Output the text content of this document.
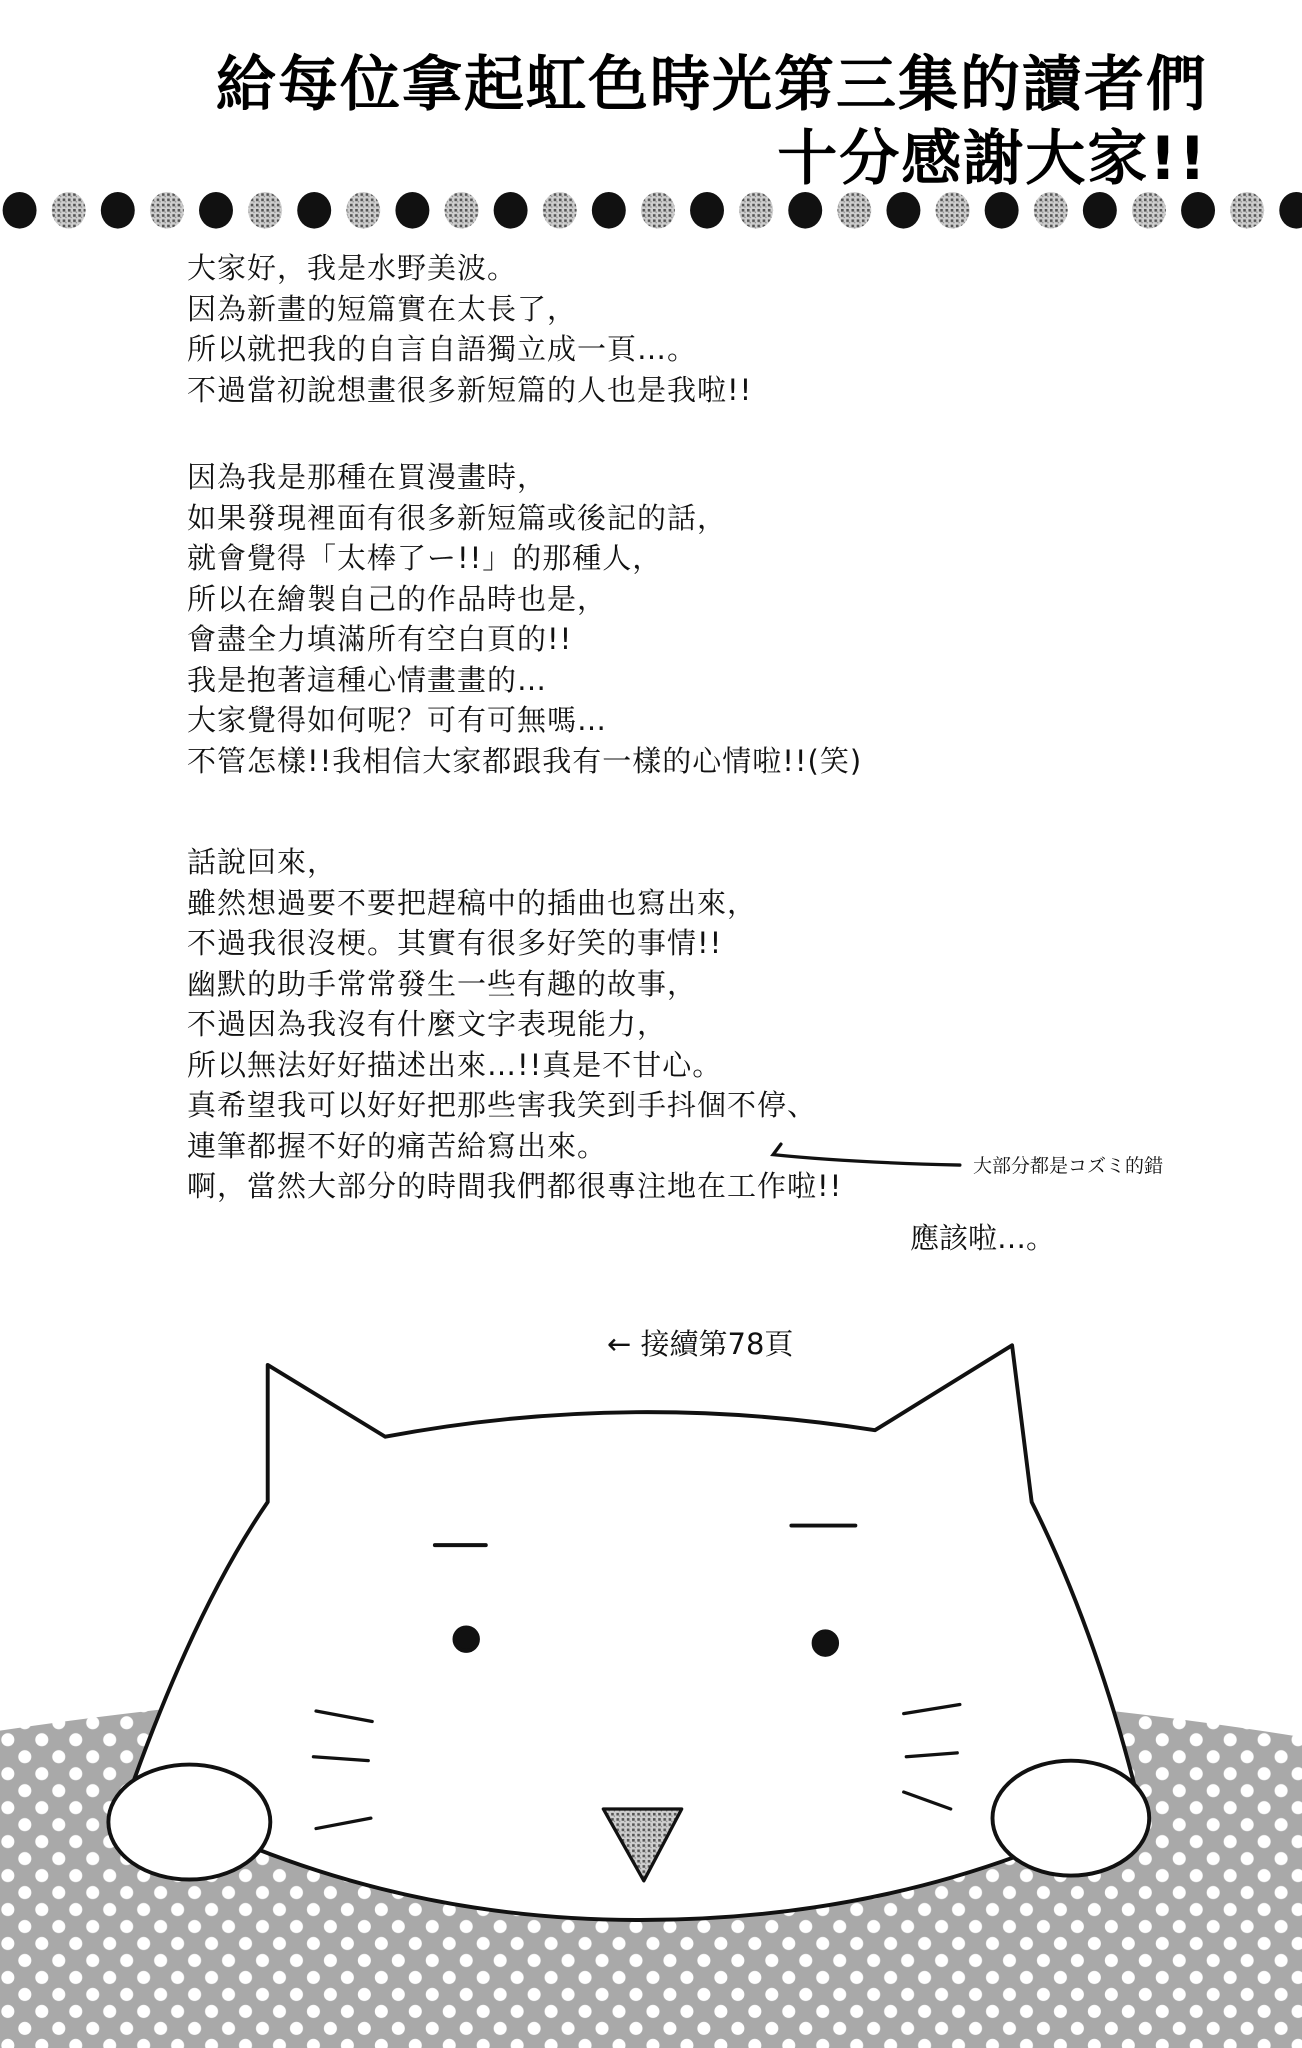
給每位拿起虹色時光第三集的讀者們
十分感謝大家!!
大家好，我是水野美波。
因為新畫的短篇實在太長了，
所以就把我的自言自語獨立成一頁…。
不過當初說想畫很多新短篇的人也是我啦!!
因為我是那種在買漫畫時，
如果發現裡面有很多新短篇或後記的話，
就會覺得「太棒了ー!!」的那種人，
所以在繪製自己的作品時也是，
會盡全力填滿所有空白頁的!!
我是抱著這種心情畫畫的…
大家覺得如何呢？可有可無嗎…
不管怎樣!!我相信大家都跟我有一樣的心情啦!!(笑)
話說回來，
雖然想過要不要把趕稿中的插曲也寫出來，
不過我很沒梗。其實有很多好笑的事情!!
幽默的助手常常發生一些有趣的故事，
不過因為我沒有什麼文字表現能力，
所以無法好好描述出來…!!真是不甘心。
真希望我可以好好把那些害我笑到手抖個不停、
連筆都握不好的痛苦給寫出來。
啊，當然大部分的時間我們都很專注地在工作啦!!
大部分都是コズミ的錯
應該啦…。
← 接續第78頁
